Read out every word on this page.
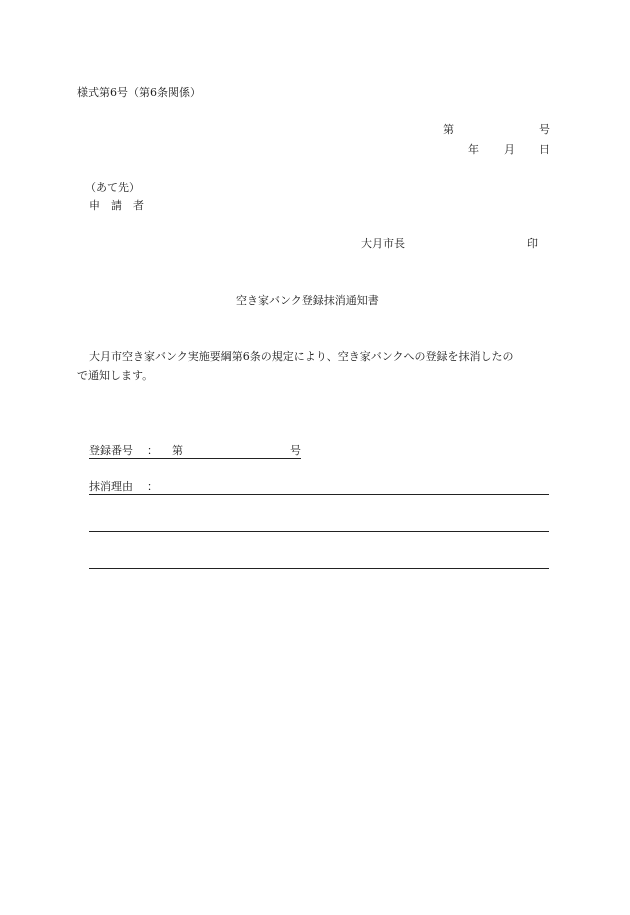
様式第6号（第6条関係）
第	号
年 月 日
（あて先）
申　請　者
大月市長	印
空き家バンク登録抹消通知書
大月市空き家バンク実施要綱第6条の規定により、空き家バンクへの登録を抹消したの
で通知します。
登録番号 ： 第	号
抹消理由 ：
